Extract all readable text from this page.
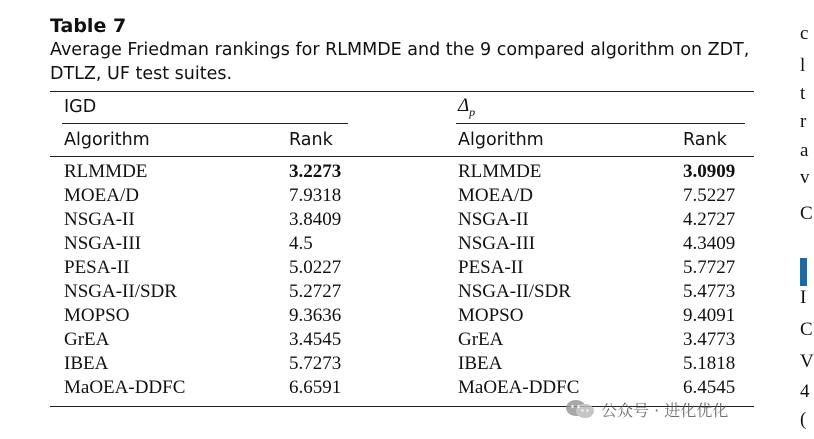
Table 7
Average Friedman rankings for RLMMDE and the 9 compared algorithm on ZDT, DTLZ, UF test suites.
IGD	$\Delta_p$
Algorithm	Rank	Algorithm	Rank
RLMMDE	3.2273	RLMMDE	3.0909
MOEA/D	7.9318	MOEA/D	7.5227
NSGA-II	3.8409	NSGA-II	4.2727
NSGA-III	4.5	NSGA-III	4.3409
PESA-II	5.0227	PESA-II	5.7727
NSGA-II/SDR	5.2727	NSGA-II/SDR	5.4773
MOPSO	9.3636	MOPSO	9.4091
GrEA	3.4545	GrEA	3.4773
IBEA	5.7273	IBEA	5.1818
MaOEA-DDFC	6.6591	MaOEA-DDFC	6.4545
c
l
t
r
a
v
C
I
C
V
4
(
公众号 · 进化优化
